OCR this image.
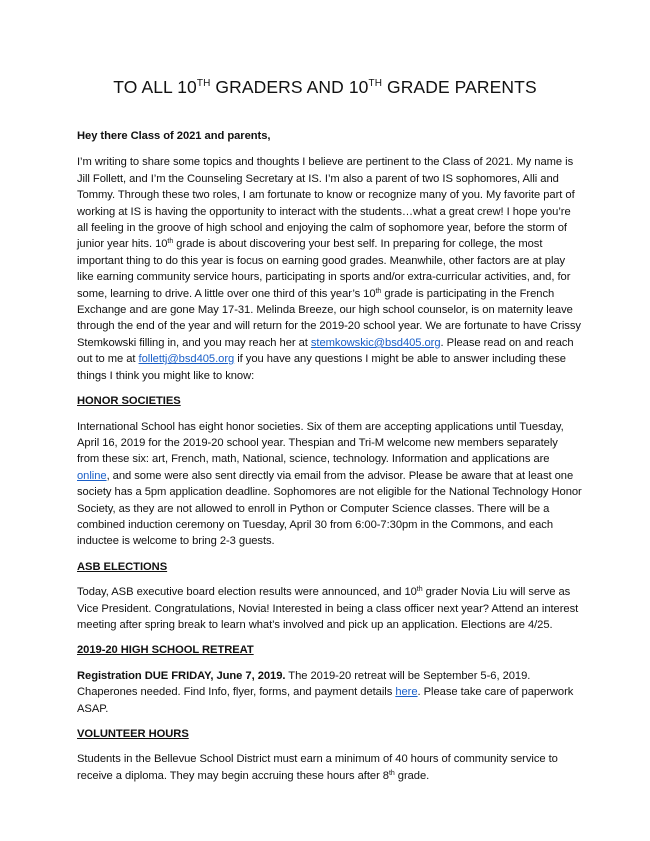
TO ALL 10TH GRADERS AND 10TH GRADE PARENTS

Hey there Class of 2021 and parents,

I’m writing to share some topics and thoughts I believe are pertinent to the Class of 2021. My name is Jill Follett, and I’m the Counseling Secretary at IS. I’m also a parent of two IS sophomores, Alli and Tommy. Through these two roles, I am fortunate to know or recognize many of you. My favorite part of working at IS is having the opportunity to interact with the students…what a great crew! I hope you’re all feeling in the groove of high school and enjoying the calm of sophomore year, before the storm of junior year hits. 10th grade is about discovering your best self. In preparing for college, the most important thing to do this year is focus on earning good grades. Meanwhile, other factors are at play like earning community service hours, participating in sports and/or extra-curricular activities, and, for some, learning to drive. A little over one third of this year’s 10th grade is participating in the French Exchange and are gone May 17-31. Melinda Breeze, our high school counselor, is on maternity leave through the end of the year and will return for the 2019-20 school year. We are fortunate to have Crissy Stemkowski filling in, and you may reach her at stemkowskic@bsd405.org. Please read on and reach out to me at follettj@bsd405.org if you have any questions I might be able to answer including these things I think you might like to know:

HONOR SOCIETIES

International School has eight honor societies. Six of them are accepting applications until Tuesday, April 16, 2019 for the 2019-20 school year. Thespian and Tri-M welcome new members separately from these six: art, French, math, National, science, technology. Information and applications are online, and some were also sent directly via email from the advisor. Please be aware that at least one society has a 5pm application deadline. Sophomores are not eligible for the National Technology Honor Society, as they are not allowed to enroll in Python or Computer Science classes. There will be a combined induction ceremony on Tuesday, April 30 from 6:00-7:30pm in the Commons, and each inductee is welcome to bring 2-3 guests.

ASB ELECTIONS

Today, ASB executive board election results were announced, and 10th grader Novia Liu will serve as Vice President. Congratulations, Novia! Interested in being a class officer next year? Attend an interest meeting after spring break to learn what’s involved and pick up an application. Elections are 4/25.

2019-20 HIGH SCHOOL RETREAT

Registration DUE FRIDAY, June 7, 2019. The 2019-20 retreat will be September 5-6, 2019. Chaperones needed. Find Info, flyer, forms, and payment details here. Please take care of paperwork ASAP.

VOLUNTEER HOURS

Students in the Bellevue School District must earn a minimum of 40 hours of community service to receive a diploma. They may begin accruing these hours after 8th grade.
